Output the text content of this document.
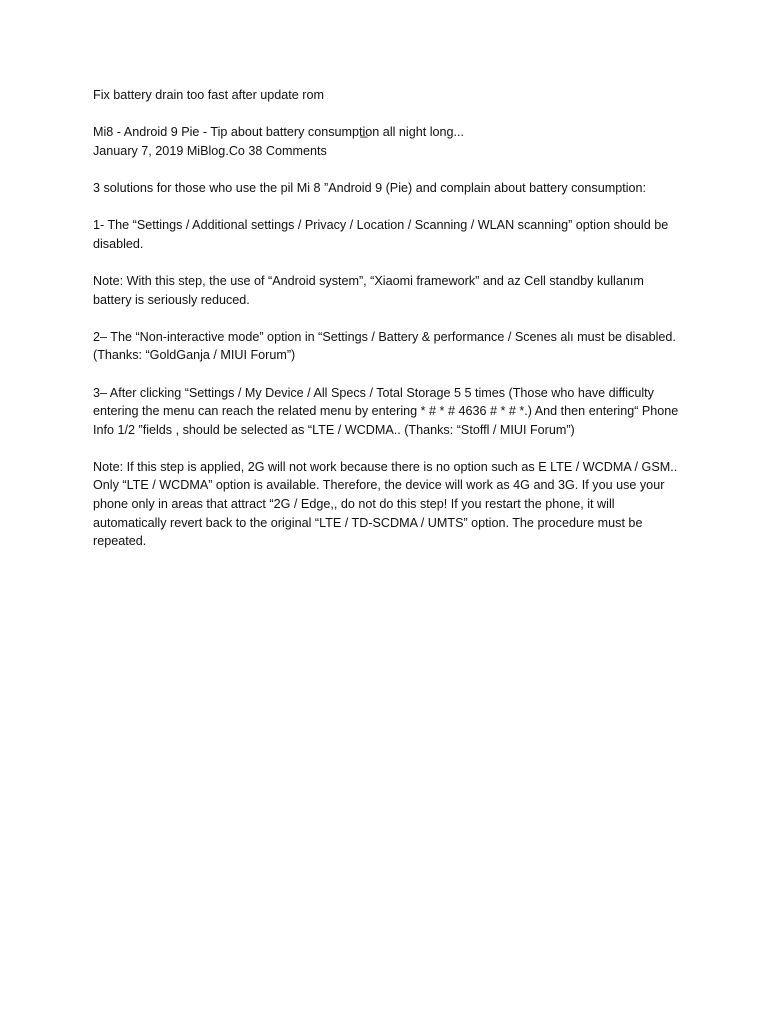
Fix battery drain too fast after update rom

Mi8 - Android 9 Pie - Tip about battery consumpti̲on all night long...

January 7, 2019 MiBlog.Co 38 Comments

3 solutions for those who use the pil Mi 8 ”Android 9 (Pie) and complain about battery consumption:

1- The “Settings / Additional settings / Privacy / Location / Scanning / WLAN scanning” option should be disabled.

Note: With this step, the use of “Android system”, “Xiaomi framework” and az Cell standby kullanım battery is seriously reduced.

2– The “Non-interactive mode” option in “Settings / Battery & performance / Scenes alı must be disabled. (Thanks: “GoldGanja / MIUI Forum”)

3– After clicking “Settings / My Device / All Specs / Total Storage 5 5 times (Those who have difficulty entering the menu can reach the related menu by entering * # * # 4636 # * # *.) And then entering“ Phone Info 1/2 ”fields , should be selected as “LTE / WCDMA.. (Thanks: “Stoffl / MIUI Forum”)

Note: If this step is applied, 2G will not work because there is no option such as E LTE / WCDMA / GSM.. Only “LTE / WCDMA” option is available. Therefore, the device will work as 4G and 3G. If you use your phone only in areas that attract “2G / Edge,, do not do this step! If you restart the phone, it will automatically revert back to the original “LTE / TD-SCDMA / UMTS” option. The procedure must be repeated.
